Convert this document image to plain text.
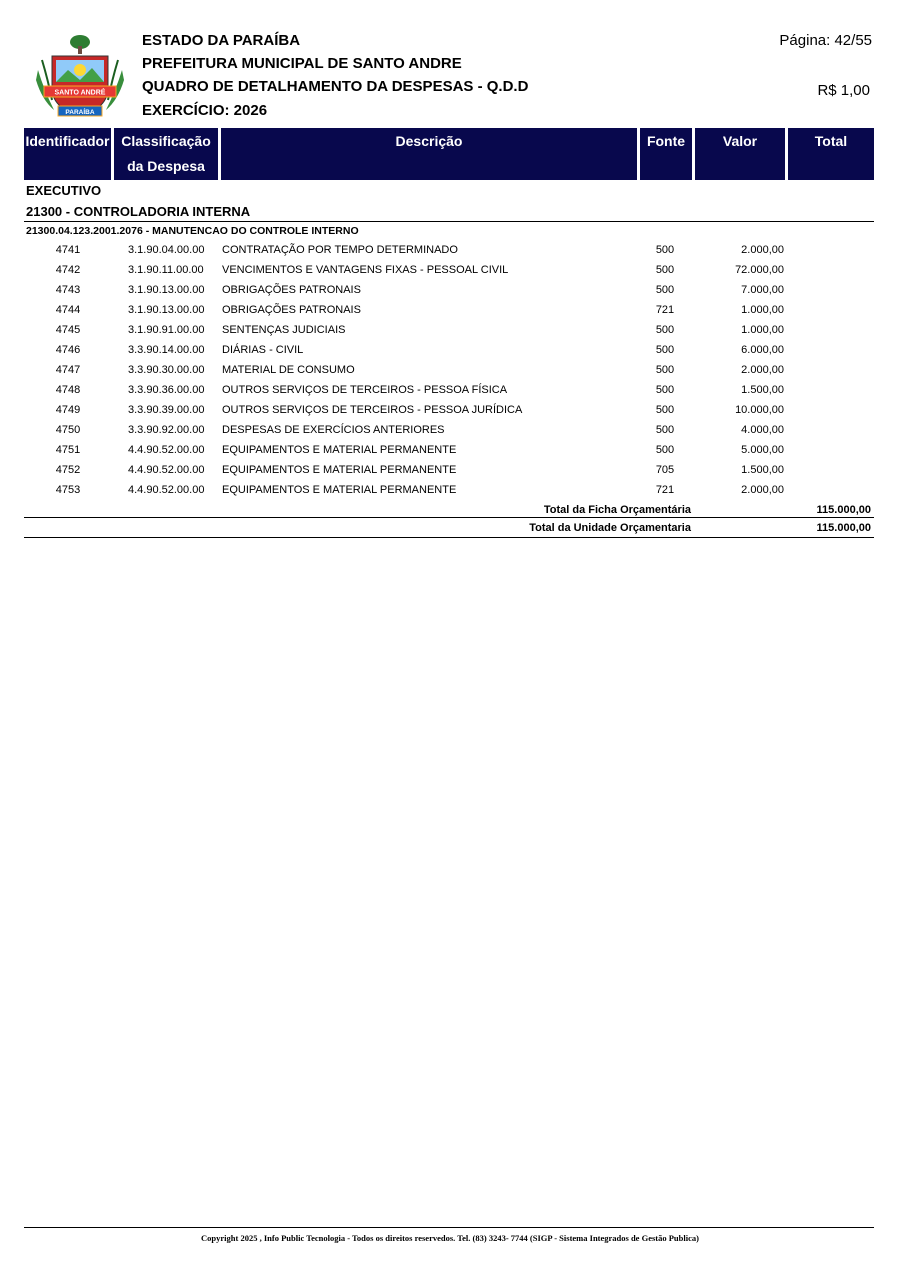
SANTO ANDRÉ
PARAÍBA
ESTADO DA PARAÍBA
PREFEITURA MUNICIPAL DE SANTO ANDRE
QUADRO DE DETALHAMENTO DA DESPESAS - Q.D.D
EXERCÍCIO: 2026
Página: 42/55
R$ 1,00
Identificador Classificação
da Despesa
Descrição	Fonte	Valor	Total
EXECUTIVO
21300 - CONTROLADORIA INTERNA
21300.04.123.2001.2076 - MANUTENCAO DO CONTROLE INTERNO
4741	3.1.90.04.00.00 CONTRATAÇÃO POR TEMPO DETERMINADO	500	2.000,00
4742	3.1.90.11.00.00 VENCIMENTOS E VANTAGENS FIXAS - PESSOAL CIVIL	500	72.000,00
4743	3.1.90.13.00.00 OBRIGAÇÕES PATRONAIS	500	7.000,00
4744	3.1.90.13.00.00 OBRIGAÇÕES PATRONAIS	721	1.000,00
4745	3.1.90.91.00.00 SENTENÇAS JUDICIAIS	500	1.000,00
4746	3.3.90.14.00.00 DIÁRIAS - CIVIL	500	6.000,00
4747	3.3.90.30.00.00 MATERIAL DE CONSUMO	500	2.000,00
4748	3.3.90.36.00.00 OUTROS SERVIÇOS DE TERCEIROS - PESSOA FÍSICA	500	1.500,00
4749	3.3.90.39.00.00 OUTROS SERVIÇOS DE TERCEIROS - PESSOA JURÍDICA	500	10.000,00
4750	3.3.90.92.00.00 DESPESAS DE EXERCÍCIOS ANTERIORES	500	4.000,00
4751	4.4.90.52.00.00 EQUIPAMENTOS E MATERIAL PERMANENTE	500	5.000,00
4752	4.4.90.52.00.00 EQUIPAMENTOS E MATERIAL PERMANENTE	705	1.500,00
4753	4.4.90.52.00.00 EQUIPAMENTOS E MATERIAL PERMANENTE	721	2.000,00
Total da Ficha Orçamentária	115.000,00
Total da Unidade Orçamentaria	115.000,00
Copyright 2025 , Info Public Tecnologia - Todos os direitos reservedos. Tel. (83) 3243- 7744 (SIGP - Sistema Integrados de Gestão Publica)
